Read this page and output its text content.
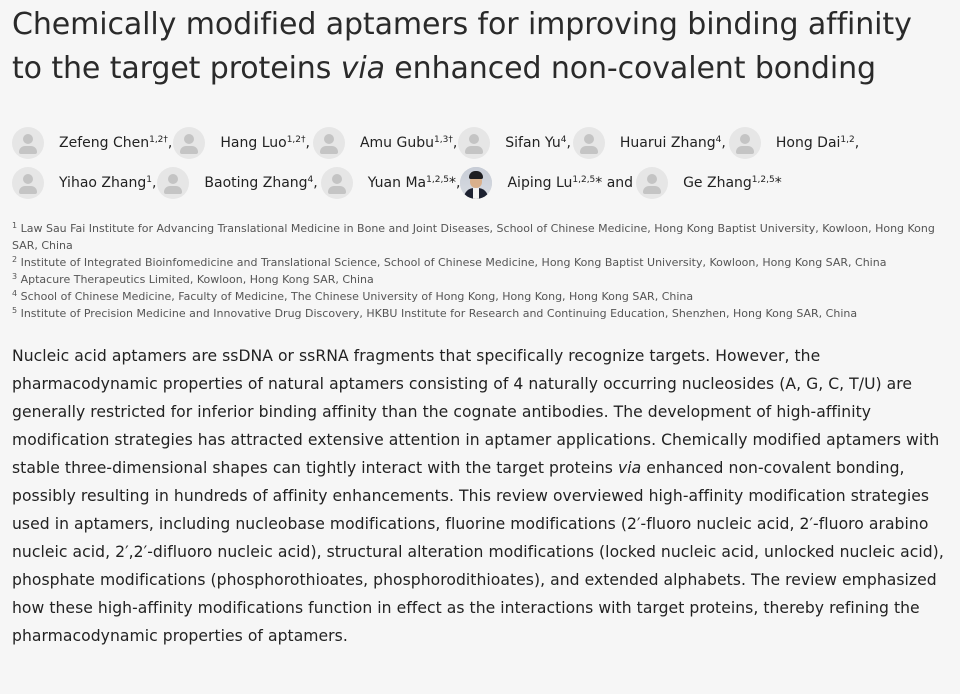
Chemically modified aptamers for improving binding affinity to the target proteins via enhanced non-covalent bonding
Zefeng Chen$^{1,2\dagger}$,	Hang Luo$^{1,2\dagger}$,	Amu Gubu$^{1,3\dagger}$,	Sifan Yu$^4$,	Huarui Zhang$^4$,	Hong Dai$^{1,2}$,
Yihao Zhang$^1$,	Baoting Zhang$^4$,	Yuan Ma$^{1,2,5}$*,	Aiping Lu$^{1,2,5}$* and	Ge Zhang$^{1,2,5}$*

$^1$ Law Sau Fai Institute for Advancing Translational Medicine in Bone and Joint Diseases, School of Chinese Medicine, Hong Kong Baptist University, Kowloon, Hong Kong SAR, China

$^2$ Institute of Integrated Bioinfomedicine and Translational Science, School of Chinese Medicine, Hong Kong Baptist University, Kowloon, Hong Kong SAR, China

$^3$ Aptacure Therapeutics Limited, Kowloon, Hong Kong SAR, China

$^4$ School of Chinese Medicine, Faculty of Medicine, The Chinese University of Hong Kong, Hong Kong, Hong Kong SAR, China

$^5$ Institute of Precision Medicine and Innovative Drug Discovery, HKBU Institute for Research and Continuing Education, Shenzhen, Hong Kong SAR, China

Nucleic acid aptamers are ssDNA or ssRNA fragments that specifically recognize targets. However, the pharmacodynamic properties of natural aptamers consisting of 4 naturally occurring nucleosides (A, G, C, T/U) are generally restricted for inferior binding affinity than the cognate antibodies. The development of high-affinity modification strategies has attracted extensive attention in aptamer applications. Chemically modified aptamers with stable three-dimensional shapes can tightly interact with the target proteins via enhanced non-covalent bonding, possibly resulting in hundreds of affinity enhancements. This review overviewed high-affinity modification strategies used in aptamers, including nucleobase modifications, fluorine modifications (2′-fluoro nucleic acid, 2′-fluoro arabino nucleic acid, 2′,2′-difluoro nucleic acid), structural alteration modifications (locked nucleic acid, unlocked nucleic acid), phosphate modifications (phosphorothioates, phosphorodithioates), and extended alphabets. The review emphasized how these high-affinity modifications function in effect as the interactions with target proteins, thereby refining the pharmacodynamic properties of aptamers.
